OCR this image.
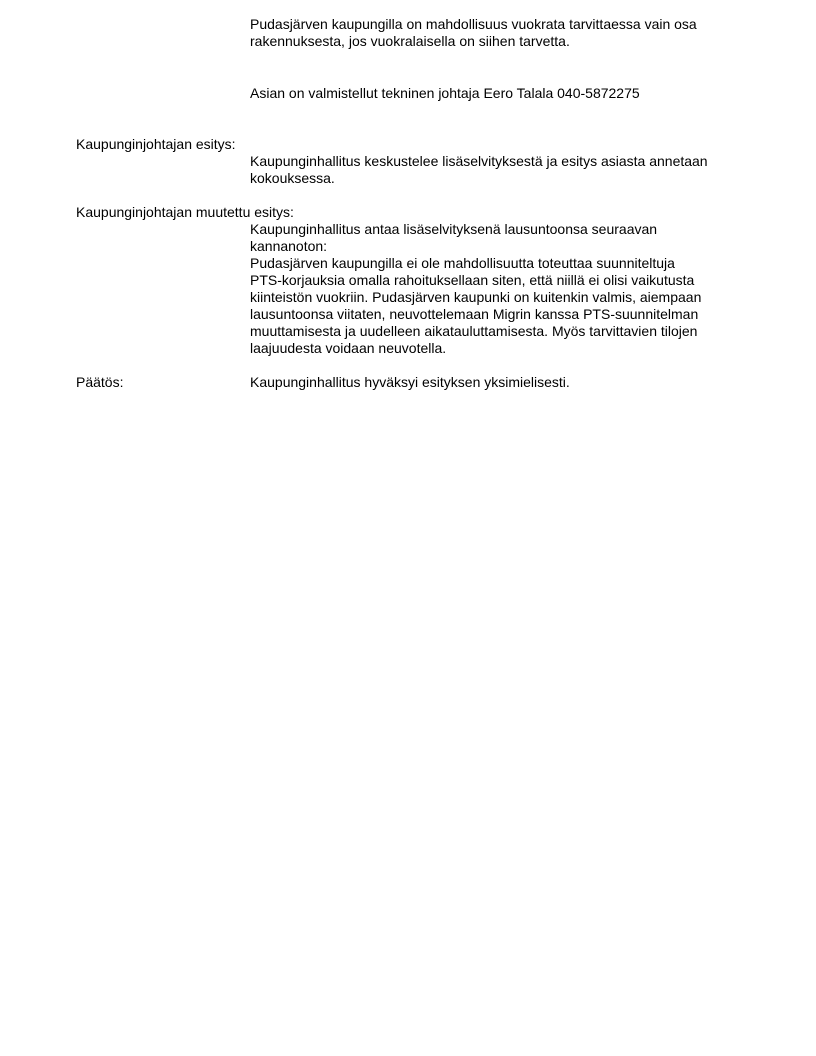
Pudasjärven kaupungilla on mahdollisuus vuokrata tarvittaessa vain osa
rakennuksesta, jos vuokralaisella on siihen tarvetta.
Asian on valmistellut tekninen johtaja Eero Talala 040-5872275
Kaupunginjohtajan esitys:
Kaupunginhallitus keskustelee lisäselvityksestä ja esitys asiasta annetaan
kokouksessa.
Kaupunginjohtajan muutettu esitys:
Kaupunginhallitus antaa lisäselvityksenä lausuntoonsa seuraavan
kannanoton:
Pudasjärven kaupungilla ei ole mahdollisuutta toteuttaa suunniteltuja
PTS-korjauksia omalla rahoituksellaan siten, että niillä ei olisi vaikutusta
kiinteistön vuokriin. Pudasjärven kaupunki on kuitenkin valmis, aiempaan
lausuntoonsa viitaten, neuvottelemaan Migrin kanssa PTS-suunnitelman
muuttamisesta ja uudelleen aikatauluttamisesta. Myös tarvittavien tilojen
laajuudesta voidaan neuvotella.
Päätös:	Kaupunginhallitus hyväksyi esityksen yksimielisesti.
